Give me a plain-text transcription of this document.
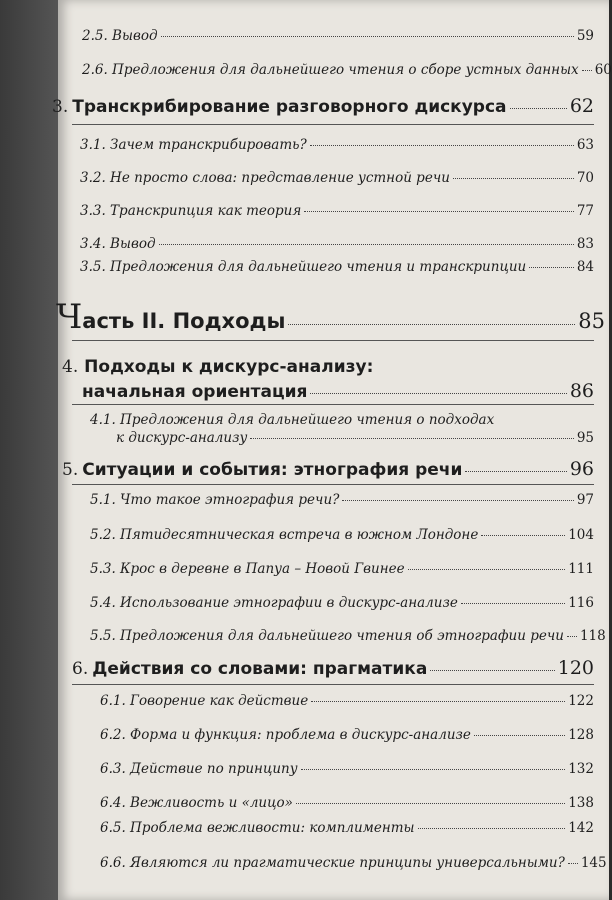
2.5. Вывод	59
2.6. Предложения для дальнейшего чтения о сборе устных данных 60
3. Транскрибирование разговорного дискурса	62
3.1. Зачем транскрибировать?	63
3.2. Не просто слова: представление устной речи	70
3.3. Транскрипция как теория	77
3.4. Вывод	83
3.5. Предложения для дальнейшего чтения и транскрипции	84
Ч асть II. Подходы	85
4. Подходы к дискурс-анализу:
начальная ориентация	86
4.1. Предложения для дальнейшего чтения о подходах
к дискурс-анализу	95
5. Ситуации и события: этнография речи	96
5.1. Что такое этнография речи?	97
5.2. Пятидесятническая встреча в южном Лондоне	104
5.3. Крос в деревне в Папуа – Новой Гвинее	111
5.4. Использование этнографии в дискурс-анализе	116
5.5. Предложения для дальнейшего чтения об этнографии речи 118
6. Действия со словами: прагматика	120
6.1. Говорение как действие	122
6.2. Форма и функция: проблема в дискурс-анализе	128
6.3. Действие по принципу	132
6.4. Вежливость и «лицо»	138
6.5. Проблема вежливости: комплименты	142
6.6. Являются ли прагматические принципы универсальными? 145
